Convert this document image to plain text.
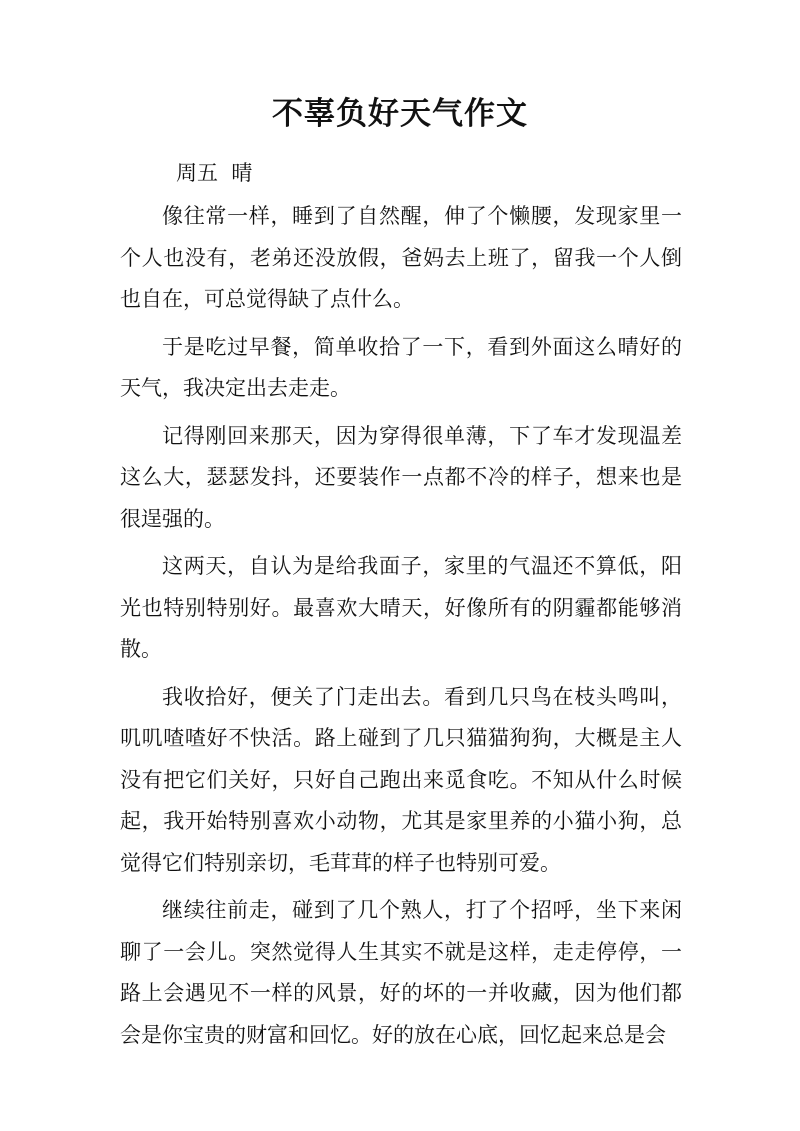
不辜负好天气作文

周五  晴

像往常一样，睡到了自然醒，伸了个懒腰，发现家里一个人也没有，老弟还没放假，爸妈去上班了，留我一个人倒也自在，可总觉得缺了点什么。

于是吃过早餐，简单收拾了一下，看到外面这么晴好的天气，我决定出去走走。

记得刚回来那天，因为穿得很单薄，下了车才发现温差这么大，瑟瑟发抖，还要装作一点都不冷的样子，想来也是很逞强的。

这两天，自认为是给我面子，家里的气温还不算低，阳光也特别特别好。最喜欢大晴天，好像所有的阴霾都能够消散。

我收拾好，便关了门走出去。看到几只鸟在枝头鸣叫，叽叽喳喳好不快活。路上碰到了几只猫猫狗狗，大概是主人没有把它们关好，只好自己跑出来觅食吃。不知从什么时候起，我开始特别喜欢小动物，尤其是家里养的小猫小狗，总觉得它们特别亲切，毛茸茸的样子也特别可爱。

继续往前走，碰到了几个熟人，打了个招呼，坐下来闲聊了一会儿。突然觉得人生其实不就是这样，走走停停，一路上会遇见不一样的风景，好的坏的一并收藏，因为他们都会是你宝贵的财富和回忆。好的放在心底，回忆起来总是会
